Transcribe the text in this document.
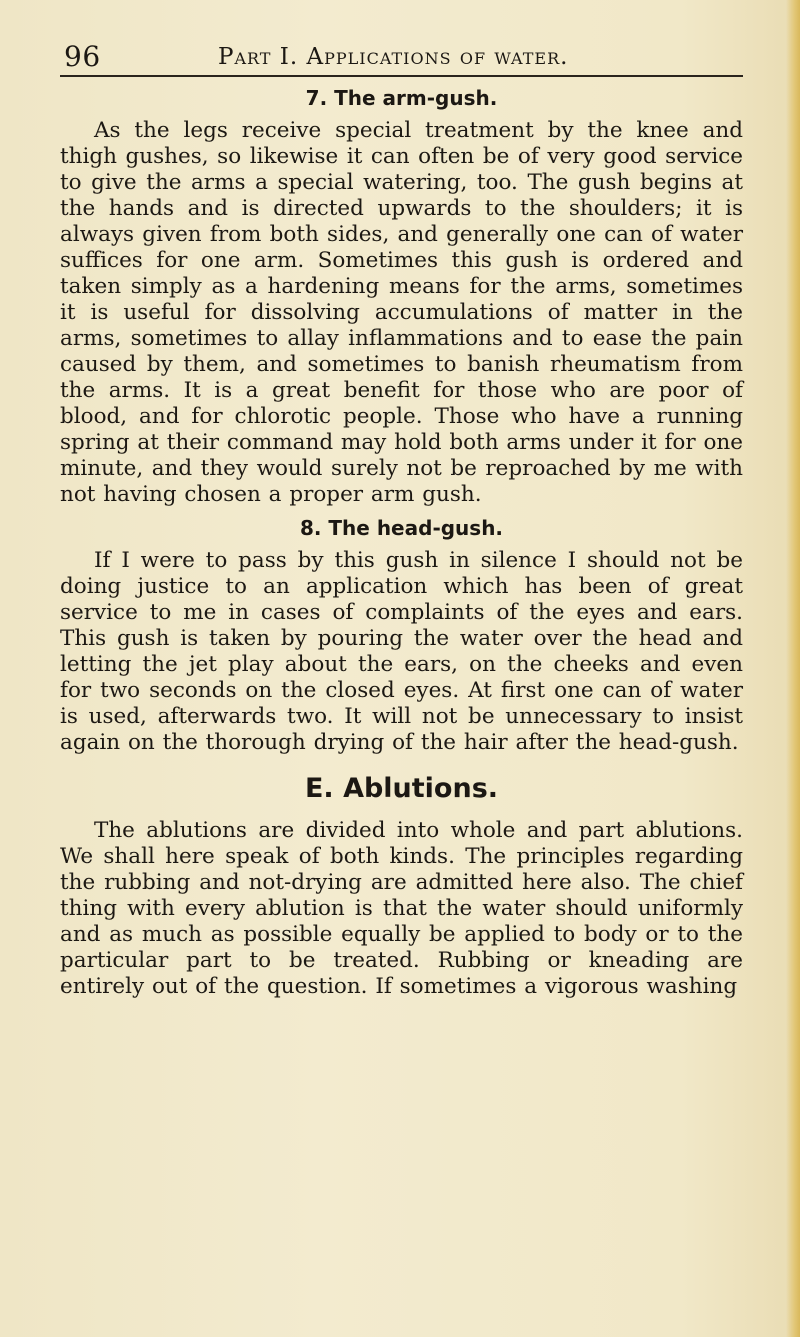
96	Part I. Applications of water.
7. The arm-gush.

As the legs receive special treatment by the knee and thigh gushes, so likewise it can often be of very good service to give the arms a special watering, too. The gush begins at the hands and is directed upwards to the shoulders; it is always given from both sides, and generally one can of water suffices for one arm. Sometimes this gush is ordered and taken simply as a hardening means for the arms, sometimes it is useful for dissolving accumulations of matter in the arms, sometimes to allay inflammations and to ease the pain caused by them, and sometimes to banish rheumatism from the arms. It is a great benefit for those who are poor of blood, and for chlorotic people. Those who have a running spring at their command may hold both arms under it for one minute, and they would surely not be reproached by me with not having chosen a proper arm gush.

8. The head-gush.

If I were to pass by this gush in silence I should not be doing justice to an application which has been of great service to me in cases of complaints of the eyes and ears. This gush is taken by pouring the water over the head and letting the jet play about the ears, on the cheeks and even for two seconds on the closed eyes. At first one can of water is used, afterwards two. It will not be unnecessary to insist again on the thorough drying of the hair after the head-gush.

E. Ablutions.

The ablutions are divided into whole and part ablutions. We shall here speak of both kinds. The principles regarding the rubbing and not-drying are admitted here also. The chief thing with every ablution is that the water should uniformly and as much as possible equally be applied to body or to the particular part to be treated. Rubbing or kneading are entirely out of the question. If sometimes a vigorous washing
